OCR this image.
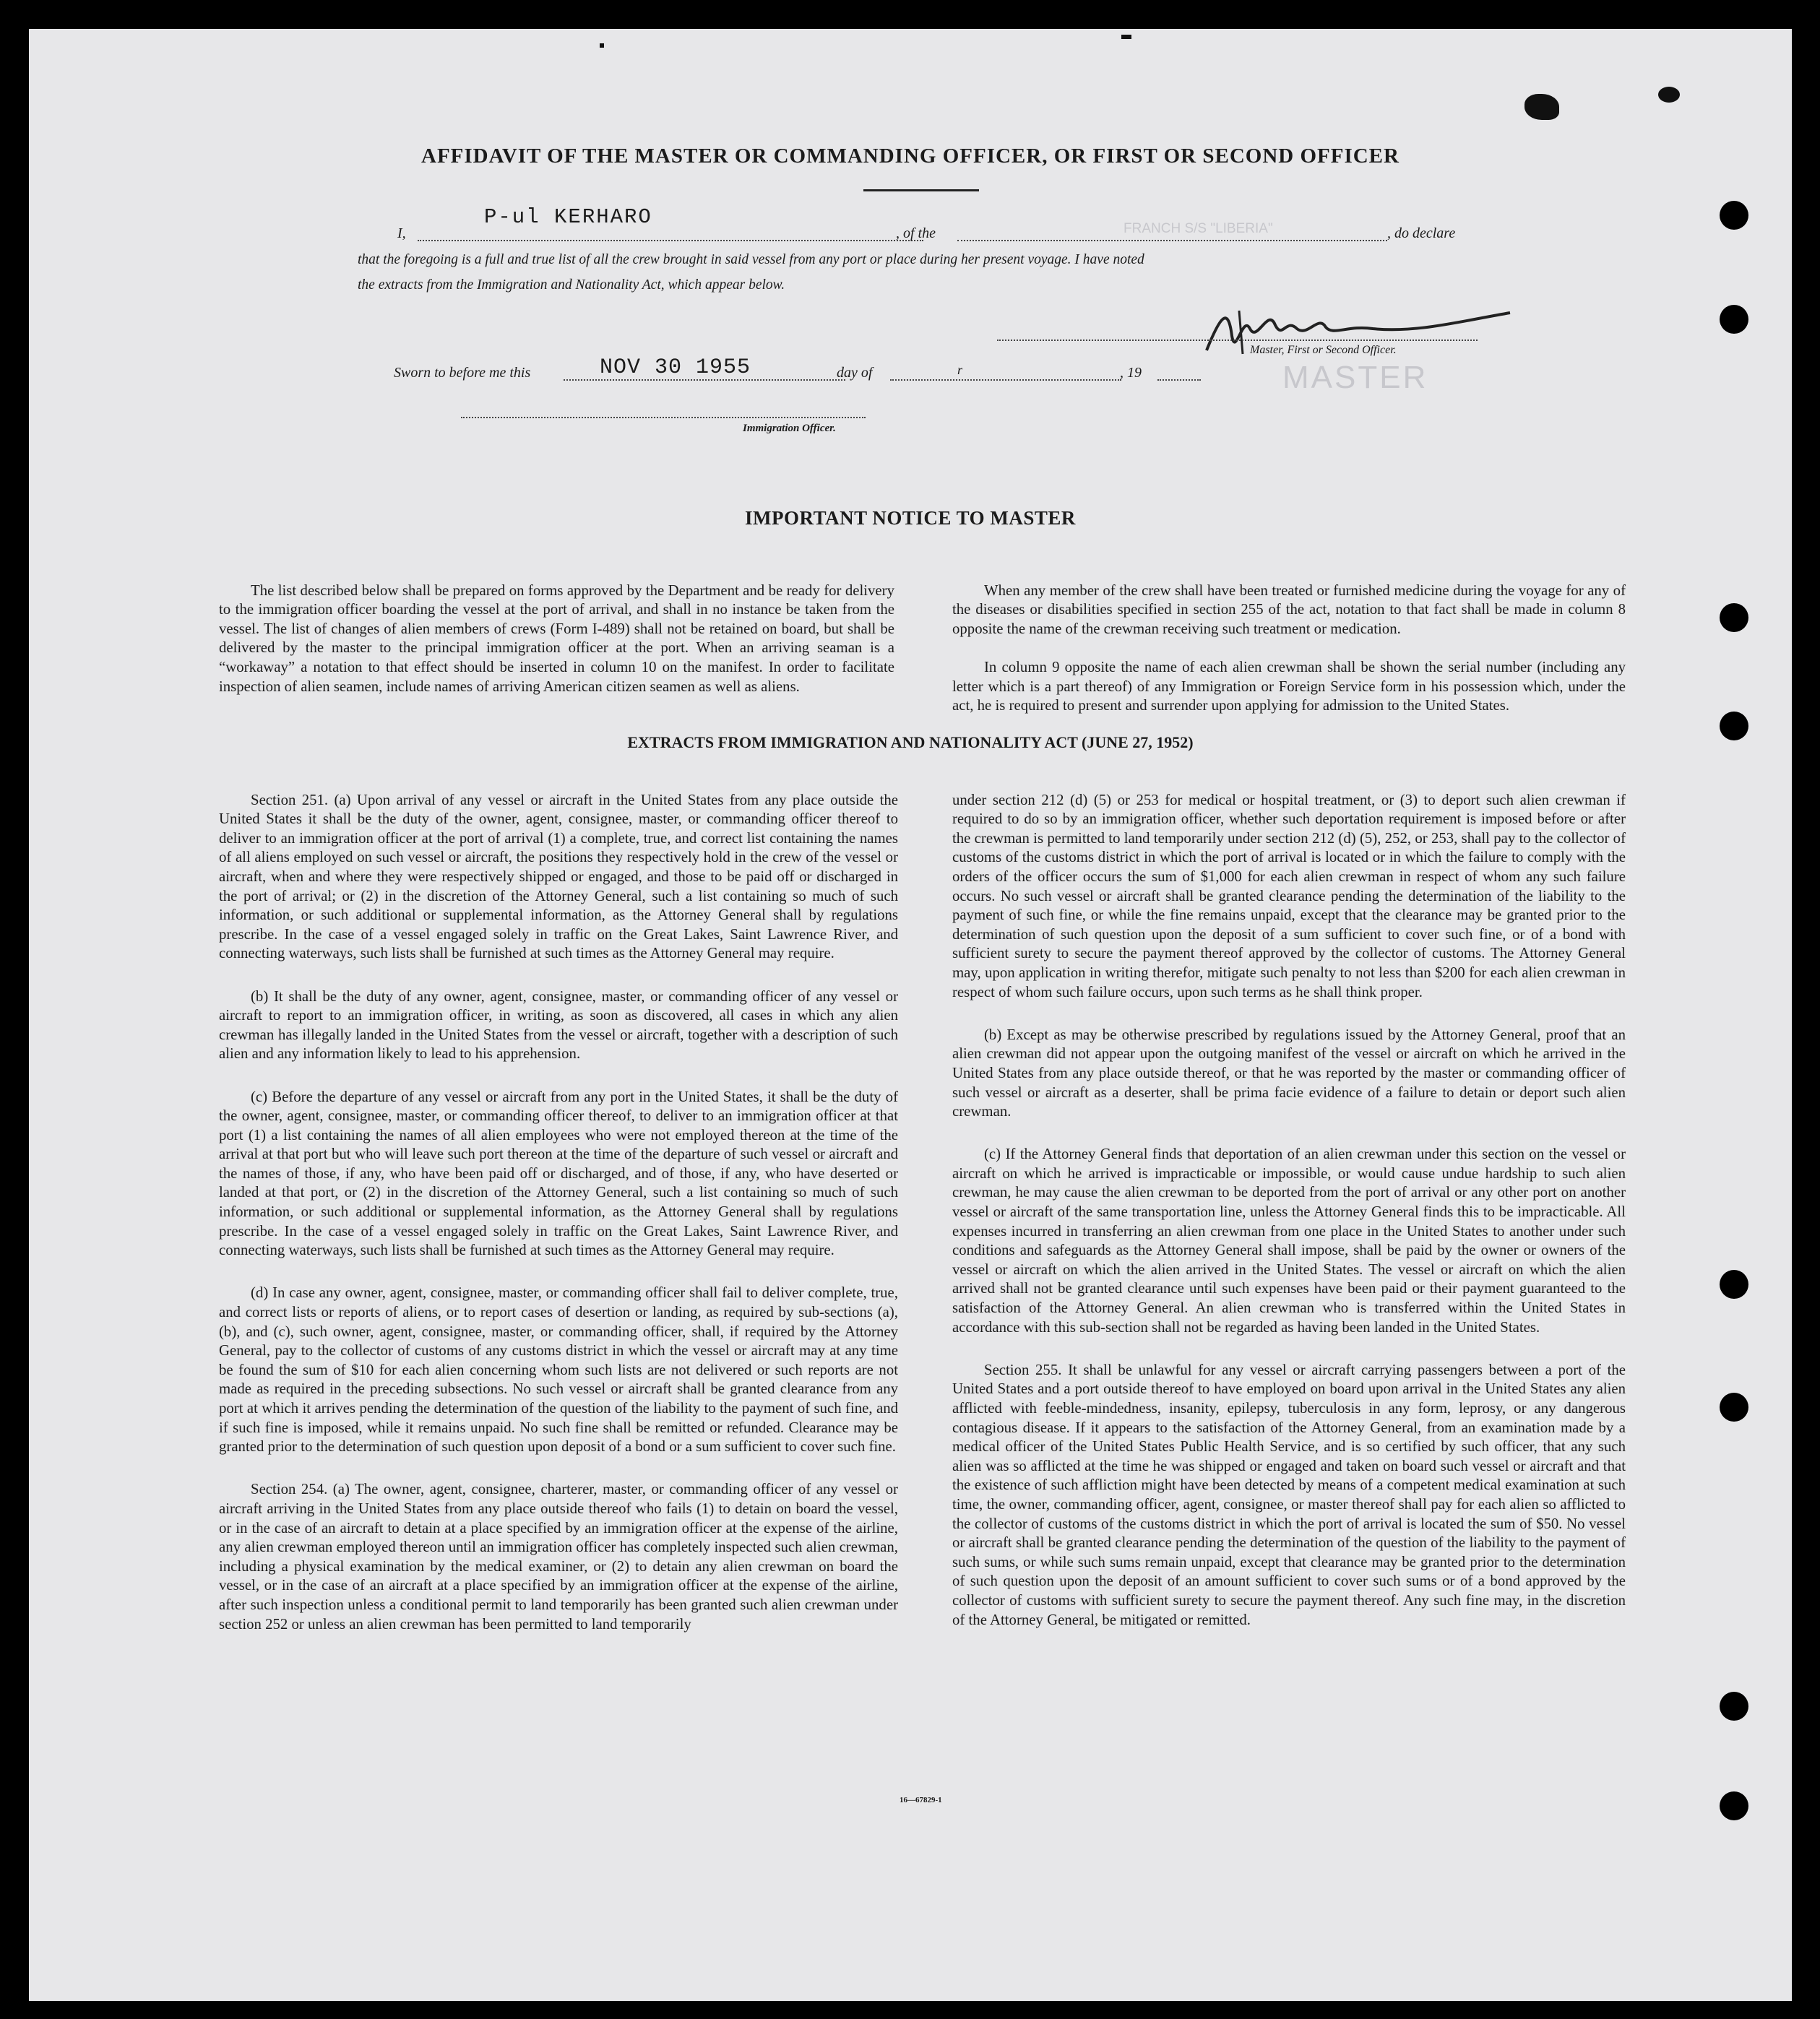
AFFIDAVIT OF THE MASTER OR COMMANDING OFFICER, OR FIRST OR SECOND OFFICER
I,
P-ul KERHARO
, of the	FRANCH S/S "LIBERIA"	, do declare
that the foregoing is a full and true list of all the crew brought in said vessel from any port or place during her present voyage. I have noted
the extracts from the Immigration and Nationality Act, which appear below.
Master, First or Second Officer.
MASTER
Sworn to before me this	NOV 30 1955	day of	r	, 19
Immigration Officer.
IMPORTANT NOTICE TO MASTER

The list described below shall be prepared on forms approved by the Department and be ready for delivery to the immigration officer boarding the vessel at the port of arrival, and shall in no instance be taken from the vessel. The list of changes of alien members of crews (Form I-489) shall not be retained on board, but shall be delivered by the master to the principal immigration officer at the port. When an arriving seaman is a “workaway” a notation to that effect should be inserted in column 10 on the manifest. In order to facilitate inspection of alien seamen, include names of arriving American citizen seamen as well as aliens.

When any member of the crew shall have been treated or furnished medicine during the voyage for any of the diseases or disabilities specified in section 255 of the act, notation to that fact shall be made in column 8 opposite the name of the crewman receiving such treatment or medication.

In column 9 opposite the name of each alien crewman shall be shown the serial number (including any letter which is a part thereof) of any Immigration or Foreign Service form in his possession which, under the act, he is required to present and surrender upon applying for admission to the United States.

EXTRACTS FROM IMMIGRATION AND NATIONALITY ACT (JUNE 27, 1952)

Section 251. (a) Upon arrival of any vessel or aircraft in the United States from any place outside the United States it shall be the duty of the owner, agent, consignee, master, or commanding officer thereof to deliver to an immigration officer at the port of arrival (1) a complete, true, and correct list containing the names of all aliens employed on such vessel or aircraft, the positions they respectively hold in the crew of the vessel or aircraft, when and where they were respectively shipped or engaged, and those to be paid off or discharged in the port of arrival; or (2) in the discretion of the Attorney General, such a list containing so much of such information, or such additional or supplemental information, as the Attorney General shall by regulations prescribe. In the case of a vessel engaged solely in traffic on the Great Lakes, Saint Lawrence River, and connecting waterways, such lists shall be furnished at such times as the Attorney General may require.

(b) It shall be the duty of any owner, agent, consignee, master, or commanding officer of any vessel or aircraft to report to an immigration officer, in writing, as soon as discovered, all cases in which any alien crewman has illegally landed in the United States from the vessel or aircraft, together with a description of such alien and any information likely to lead to his apprehension.

(c) Before the departure of any vessel or aircraft from any port in the United States, it shall be the duty of the owner, agent, consignee, master, or commanding officer thereof, to deliver to an immigration officer at that port (1) a list containing the names of all alien employees who were not employed thereon at the time of the arrival at that port but who will leave such port thereon at the time of the departure of such vessel or aircraft and the names of those, if any, who have been paid off or discharged, and of those, if any, who have deserted or landed at that port, or (2) in the discretion of the Attorney General, such a list containing so much of such information, or such additional or supplemental information, as the Attorney General shall by regulations prescribe. In the case of a vessel engaged solely in traffic on the Great Lakes, Saint Lawrence River, and connecting waterways, such lists shall be furnished at such times as the Attorney General may require.

(d) In case any owner, agent, consignee, master, or commanding officer shall fail to deliver complete, true, and correct lists or reports of aliens, or to report cases of desertion or landing, as required by sub-sections (a), (b), and (c), such owner, agent, consignee, master, or commanding officer, shall, if required by the Attorney General, pay to the collector of customs of any customs district in which the vessel or aircraft may at any time be found the sum of $10 for each alien concerning whom such lists are not delivered or such reports are not made as required in the preceding subsections. No such vessel or aircraft shall be granted clearance from any port at which it arrives pending the determination of the question of the liability to the payment of such fine, and if such fine is imposed, while it remains unpaid. No such fine shall be remitted or refunded. Clearance may be granted prior to the determination of such question upon deposit of a bond or a sum sufficient to cover such fine.

Section 254. (a) The owner, agent, consignee, charterer, master, or commanding officer of any vessel or aircraft arriving in the United States from any place outside thereof who fails (1) to detain on board the vessel, or in the case of an aircraft to detain at a place specified by an immigration officer at the expense of the airline, any alien crewman employed thereon until an immigration officer has completely inspected such alien crewman, including a physical examination by the medical examiner, or (2) to detain any alien crewman on board the vessel, or in the case of an aircraft at a place specified by an immigration officer at the expense of the airline, after such inspection unless a conditional permit to land temporarily has been granted such alien crewman under section 252 or unless an alien crewman has been permitted to land temporarily

under section 212 (d) (5) or 253 for medical or hospital treatment, or (3) to deport such alien crewman if required to do so by an immigration officer, whether such deportation requirement is imposed before or after the crewman is permitted to land temporarily under section 212 (d) (5), 252, or 253, shall pay to the collector of customs of the customs district in which the port of arrival is located or in which the failure to comply with the orders of the officer occurs the sum of $1,000 for each alien crewman in respect of whom any such failure occurs. No such vessel or aircraft shall be granted clearance pending the determination of the liability to the payment of such fine, or while the fine remains unpaid, except that the clearance may be granted prior to the determination of such question upon the deposit of a sum sufficient to cover such fine, or of a bond with sufficient surety to secure the payment thereof approved by the collector of customs. The Attorney General may, upon application in writing therefor, mitigate such penalty to not less than $200 for each alien crewman in respect of whom such failure occurs, upon such terms as he shall think proper.

(b) Except as may be otherwise prescribed by regulations issued by the Attorney General, proof that an alien crewman did not appear upon the outgoing manifest of the vessel or aircraft on which he arrived in the United States from any place outside thereof, or that he was reported by the master or commanding officer of such vessel or aircraft as a deserter, shall be prima facie evidence of a failure to detain or deport such alien crewman.

(c) If the Attorney General finds that deportation of an alien crewman under this section on the vessel or aircraft on which he arrived is impracticable or impossible, or would cause undue hardship to such alien crewman, he may cause the alien crewman to be deported from the port of arrival or any other port on another vessel or aircraft of the same transportation line, unless the Attorney General finds this to be impracticable. All expenses incurred in transferring an alien crewman from one place in the United States to another under such conditions and safeguards as the Attorney General shall impose, shall be paid by the owner or owners of the vessel or aircraft on which the alien arrived in the United States. The vessel or aircraft on which the alien arrived shall not be granted clearance until such expenses have been paid or their payment guaranteed to the satisfaction of the Attorney General. An alien crewman who is transferred within the United States in accordance with this sub-section shall not be regarded as having been landed in the United States.

Section 255. It shall be unlawful for any vessel or aircraft carrying passengers between a port of the United States and a port outside thereof to have employed on board upon arrival in the United States any alien afflicted with feeble-mindedness, insanity, epilepsy, tuberculosis in any form, leprosy, or any dangerous contagious disease. If it appears to the satisfaction of the Attorney General, from an examination made by a medical officer of the United States Public Health Service, and is so certified by such officer, that any such alien was so afflicted at the time he was shipped or engaged and taken on board such vessel or aircraft and that the existence of such affliction might have been detected by means of a competent medical examination at such time, the owner, commanding officer, agent, consignee, or master thereof shall pay for each alien so afflicted to the collector of customs of the customs district in which the port of arrival is located the sum of $50. No vessel or aircraft shall be granted clearance pending the determination of the question of the liability to the payment of such sums, or while such sums remain unpaid, except that clearance may be granted prior to the determination of such question upon the deposit of an amount sufficient to cover such sums or of a bond approved by the collector of customs with sufficient surety to secure the payment thereof. Any such fine may, in the discretion of the Attorney General, be mitigated or remitted.

16—67829-1
